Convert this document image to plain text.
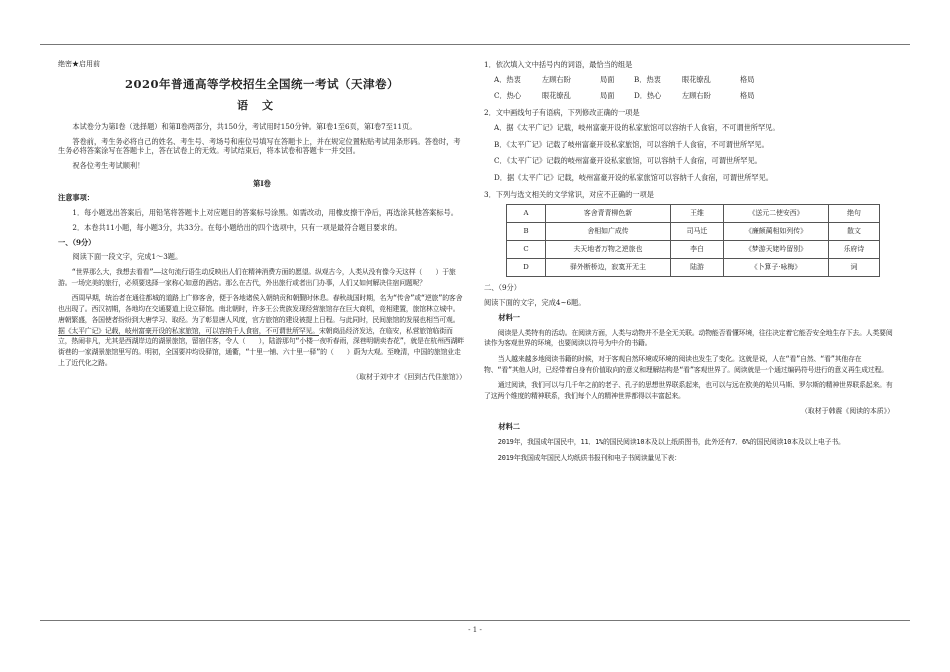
绝密★启用前
2020年普通高等学校招生全国统一考试（天津卷）
语文

本试卷分为第Ⅰ卷（选择题）和第Ⅱ卷两部分，共150分，考试用时150分钟。第Ⅰ卷1至6页，第Ⅰ卷7至11页。

答卷前，考生务必将自己的姓名、考生号、考场号和座位号填写在答题卡上，并在规定位置粘贴考试用条形码。答卷时，考生务必将答案涂写在答题卡上，答在试卷上的无效。考试结束后，将本试卷和答题卡一并交回。

祝各位考生考试顺利！

第Ⅰ卷
注意事项：

1．每小题选出答案后，用铅笔将答题卡上对应题目的答案标号涂黑。如需改动，用橡皮擦干净后，再选涂其他答案标号。

2．本卷共11小题，每小题3分，共33分。在每小题给出的四个选项中，只有一项是最符合题目要求的。

一、（9分）

阅读下面一段文字，完成1～3题。

“世界那么大，我想去看看”——这句流行语生动反映出人们在精神消费方面的愿望。纵观古今，人类从没有像今天这样（　　）于旅游。一场完美的旅行，必须要选择一家称心如意的酒店。那么在古代，外出旅行或者出门办事，人们又如何解决住宿问题呢？

西周早期，统治者在通往都城的道路上广修客舍，便于各地诸侯入朝纳贡和朝觐时休息。春秋战国时期，名为“传舍”或“逆旅”的客舍也出现了。西汉初期，各地均在交通要道上设立驿馆。南北朝时，许多王公贵族发现经营旅馆存在巨大商机，竞相建置，旅馆林立城中。唐朝繁盛，各国使者纷纷到大唐学习、取经。为了彰显唐人风度，官方旅馆的建设被提上日程。与此同时，民间旅馆的发展也相当可观。据《太平广记》记载，岐州富豪开设的私家旅馆，可以容纳千人食宿，不可谓世所罕见。宋朝商品经济发达，在临安，私营旅馆临街而立，热闹非凡，尤其是西湖岸边的湖景旅馆，留宿住客，令人（　　），陆游那句“小楼一夜听春雨，深巷明朝卖杏花”，就是在杭州西湖畔街巷的一家湖景旅馆里写的。明初，全国要冲均设驿馆，通衢，“十里一铺、六十里一驿”的（　　）蔚为大观。至晚清，中国的旅馆业走上了近代化之路。

（取材于刘中才《回到古代住旅馆》）

1．依次填入文中括号内的词语，最恰当的组是

A．热衷	左顾右盼	局面	B．热衷	眼花缭乱	格局
C．热心	眼花缭乱	局面	D．热心	左顾右盼	格局

2．文中画线句子有语病，下列修改正确的一项是

A．据《太平广记》记载，岐州富豪开设的私家旅馆可以容纳千人食宿，不可谓世所罕见。
B．《太平广记》记载了岐州富豪开设私家旅馆，可以容纳千人食宿，不可谓世所罕见。
C．《太平广记》记载的岐州富豪开设私家旅馆，可以容纳千人食宿，可谓世所罕见。
D．据《太平广记》记载，岐州富豪开设的私家旅馆可以容纳千人食宿，可谓世所罕见。

3．下列与选文相关的文学常识，对应不正确的一项是

A	客舍青青柳色新	王维	《送元二使安西》	绝句
B	舍相如广成传	司马迁	《廉颇蔺相如列传》	散文
C	夫天地者万物之逆旅也	李白	《梦游天姥吟留别》	乐府诗
D	驿外断桥边，寂寞开无主	陆游	《卜算子·咏梅》	词
二、（9分）

阅读下面的文字，完成4~6题。

材料一

阅读是人类特有的活动。在阅读方面，人类与动物并不是全无关联。动物能否看懂环境，往往决定着它能否安全地生存下去。人类要阅读作为客观世界的环境，也要阅读以符号为中介的书籍。

当人越来越多地阅读书籍的时候，对于客观自然环境或环境的阅读也发生了变化。这就是说，人在“看”自然、“看”其他存在物、“看”其他人时，已经带着自身有价值取向的意义和理解结构是“看”客观世界了。阅读就是一个通过编码符号进行的意义再生成过程。

通过阅读，我们可以与几千年之前的老子、孔子的思想世界联系起来，也可以与远在欧美的哈贝马斯、罗尔斯的精神世界联系起来。有了这两个维度的精神联系，我们每个人的精神世界都得以丰富起来。

（取材于韩震《阅读的本质》）
材料二

2019年，我国成年国民中，11．1%的国民阅读10本及以上纸质图书，此外还有7．6%的国民阅读10本及以上电子书。

2019年我国成年国民人均纸质书报刊和电子书阅读量见下表：

- 1 -
